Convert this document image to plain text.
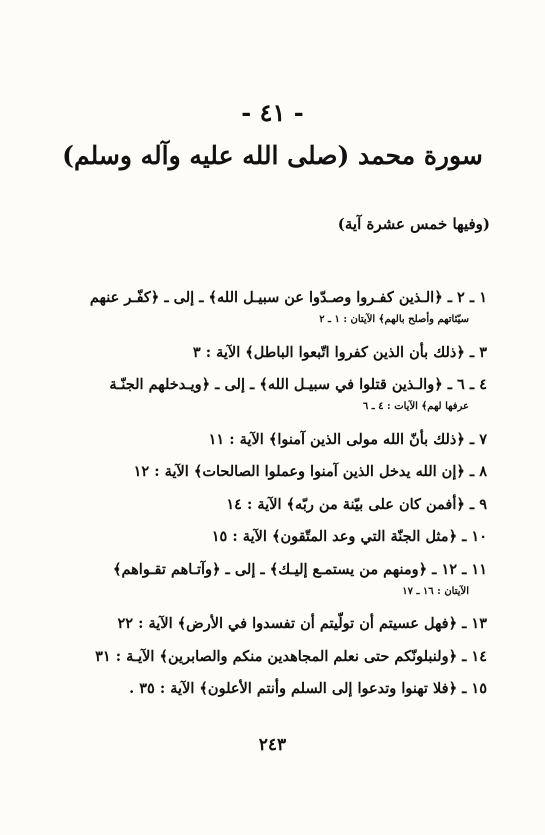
- ٤١ -
سورة محمد (صلى الله عليه وآله وسلم)
(وفيها خمس عشرة آية)
١ ـ ٢ ـ ﴿الـذين كفـروا وصـدّوا عن سبيـل الله﴾ ـ إلى ـ ﴿كفّـر عنهم
سيّئاتهم وأصلح بالهم﴾ الآيتان : ١ ـ ٢
٣ ـ ﴿ذلك بأن الذين كفروا اتّبعوا الباطل﴾ الآية : ٣
٤ ـ ٦ ـ ﴿والـذين قتلوا في سبيـل الله﴾ ـ إلى ـ ﴿ويـدخلهم الجنّـة
عرفها لهم﴾ الآيات : ٤ ـ ٦
٧ ـ ﴿ذلك بأنّ الله مولى الذين آمنوا﴾ الآية : ١١
٨ ـ ﴿إن الله يدخل الذين آمنوا وعملوا الصالحات﴾ الآية : ١٢
٩ ـ ﴿أفمن كان على بيّنة من ربّه﴾ الآية : ١٤
١٠ ـ ﴿مثل الجنّة التي وعد المتّقون﴾ الآية : ١٥
١١ ـ ١٢ ـ ﴿ومنهم من يستمـع إليـك﴾ ـ إلى ـ ﴿وآتـاهم تقـواهم﴾
الآيتان : ١٦ ـ ١٧
١٣ ـ ﴿فهل عسيتم أن تولّيتم أن تفسدوا في الأرض﴾ الآية : ٢٢
١٤ ـ ﴿ولنبلونّكم حتى نعلم المجاهدين منكم والصابرين﴾ الآيـة : ٣١
١٥ ـ ﴿فلا تهنوا وتدعوا إلى السلم وأنتم الأعلون﴾ الآية : ٣٥ .
٢٤٣
